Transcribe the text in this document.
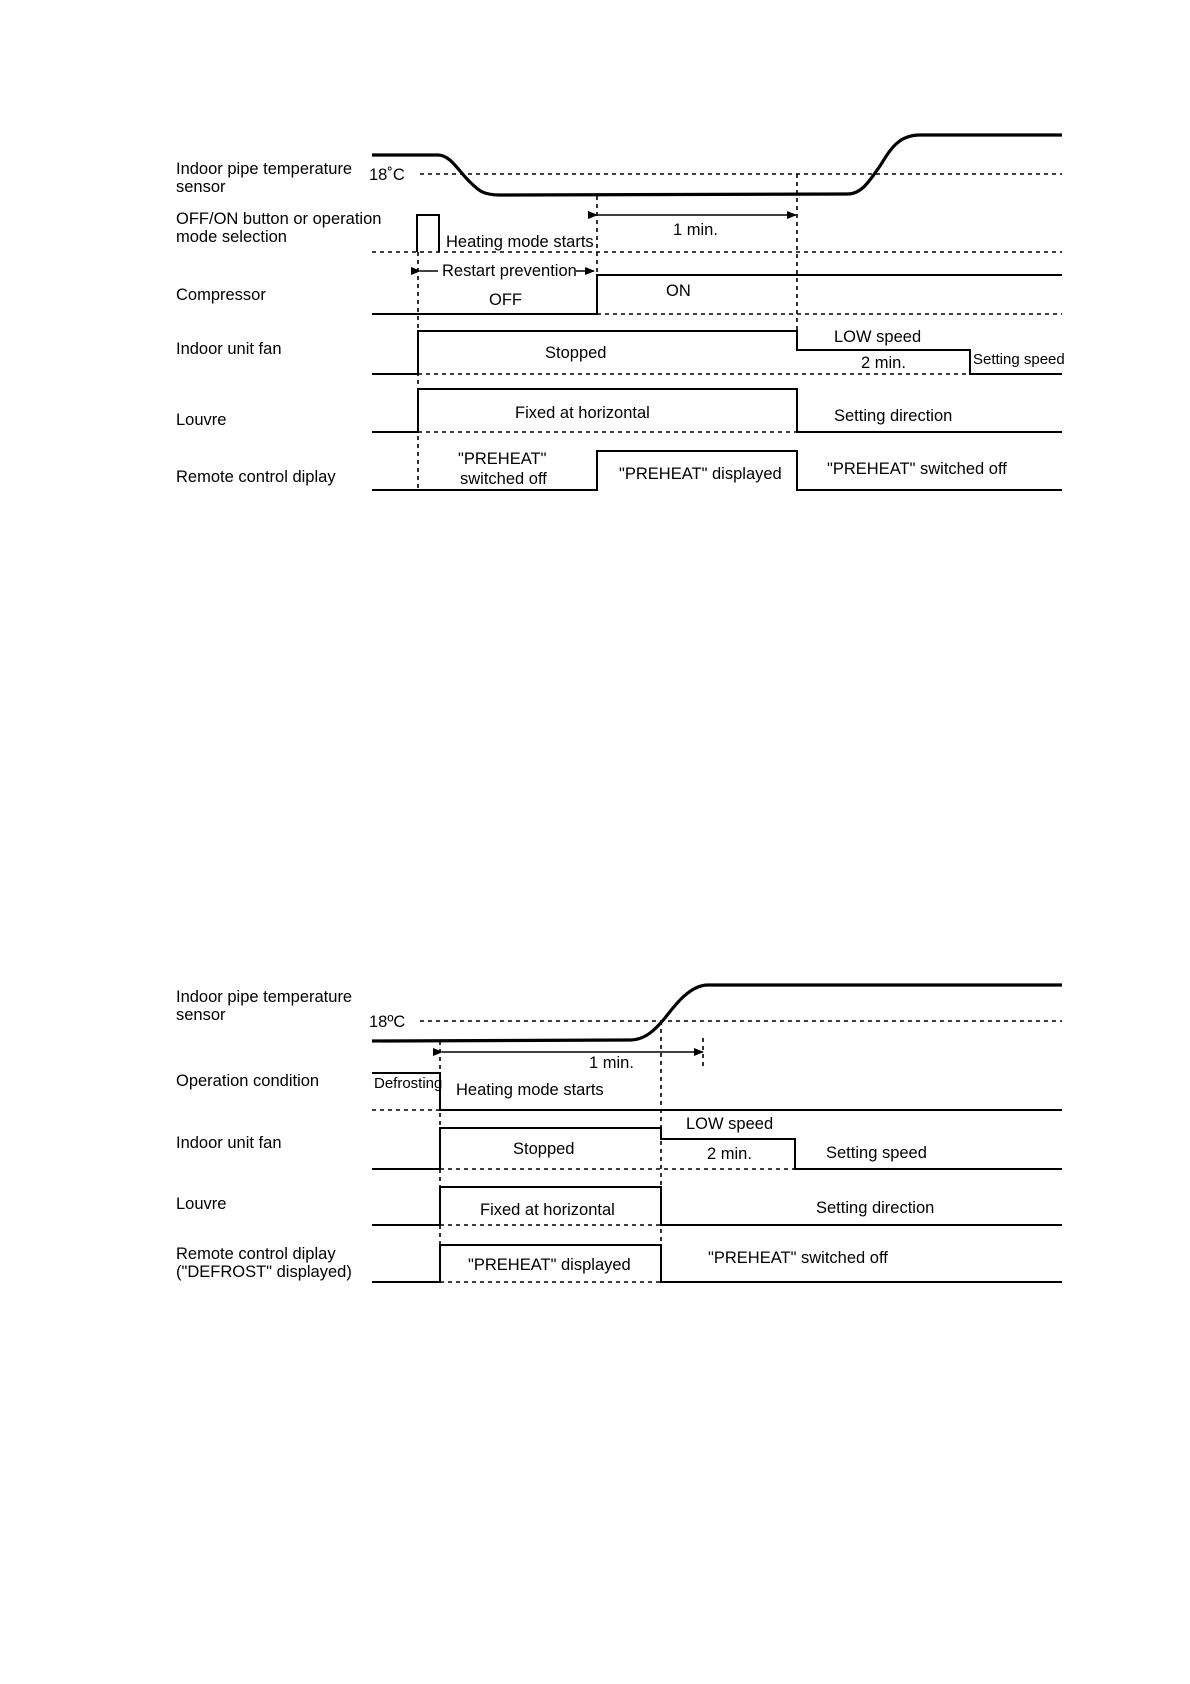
Indoor pipe temperature
sensor
OFF/ON button or operation
mode selection
Compressor
Indoor unit fan
Louvre
Remote control diplay
18˚C
Heating mode starts
1 min.
Restart prevention
OFF	ON
Stopped
LOW speed
2 min.	Setting speed
Fixed at horizontal	Setting direction
"PREHEAT"
switched off	"PREHEAT" displayed	"PREHEAT" switched off
Indoor pipe temperature
sensor
Operation condition
Indoor unit fan
Louvre
Remote control diplay
("DEFROST" displayed)
18ºC
1 min.
Defrosting Heating mode starts
LOW speed
Stopped	2 min.	Setting speed
Fixed at horizontal	Setting direction
"PREHEAT" displayed	"PREHEAT" switched off
